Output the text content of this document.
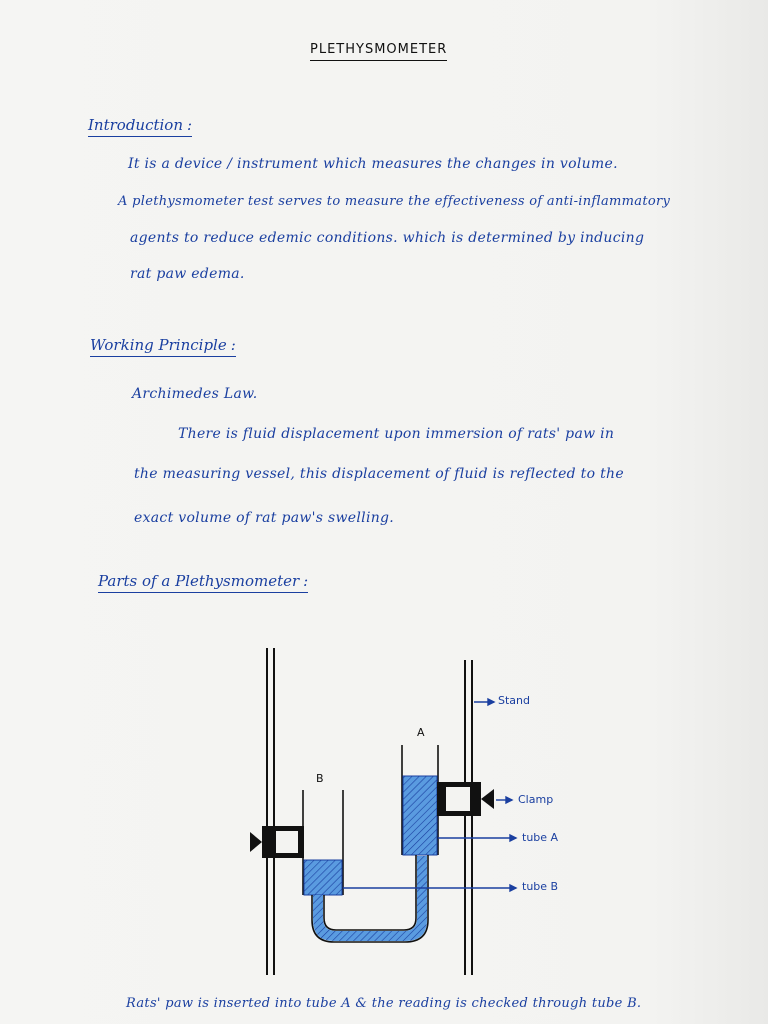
PLETHYSMOMETER
Introduction :
It is a device / instrument which measures the changes in volume.
A plethysmometer test serves to measure the effectiveness of anti-inflammatory
agents to reduce edemic conditions. which is determined by inducing
rat paw edema.
Working Principle :
Archimedes Law.
There is fluid displacement upon immersion of rats' paw in
the measuring vessel, this displacement of fluid is reflected to the
exact volume of rat paw's swelling.
Parts of a Plethysmometer :
Stand
A
B
Clamp
tube A
tube B
Rats' paw is inserted into tube A & the reading is checked through tube B.
